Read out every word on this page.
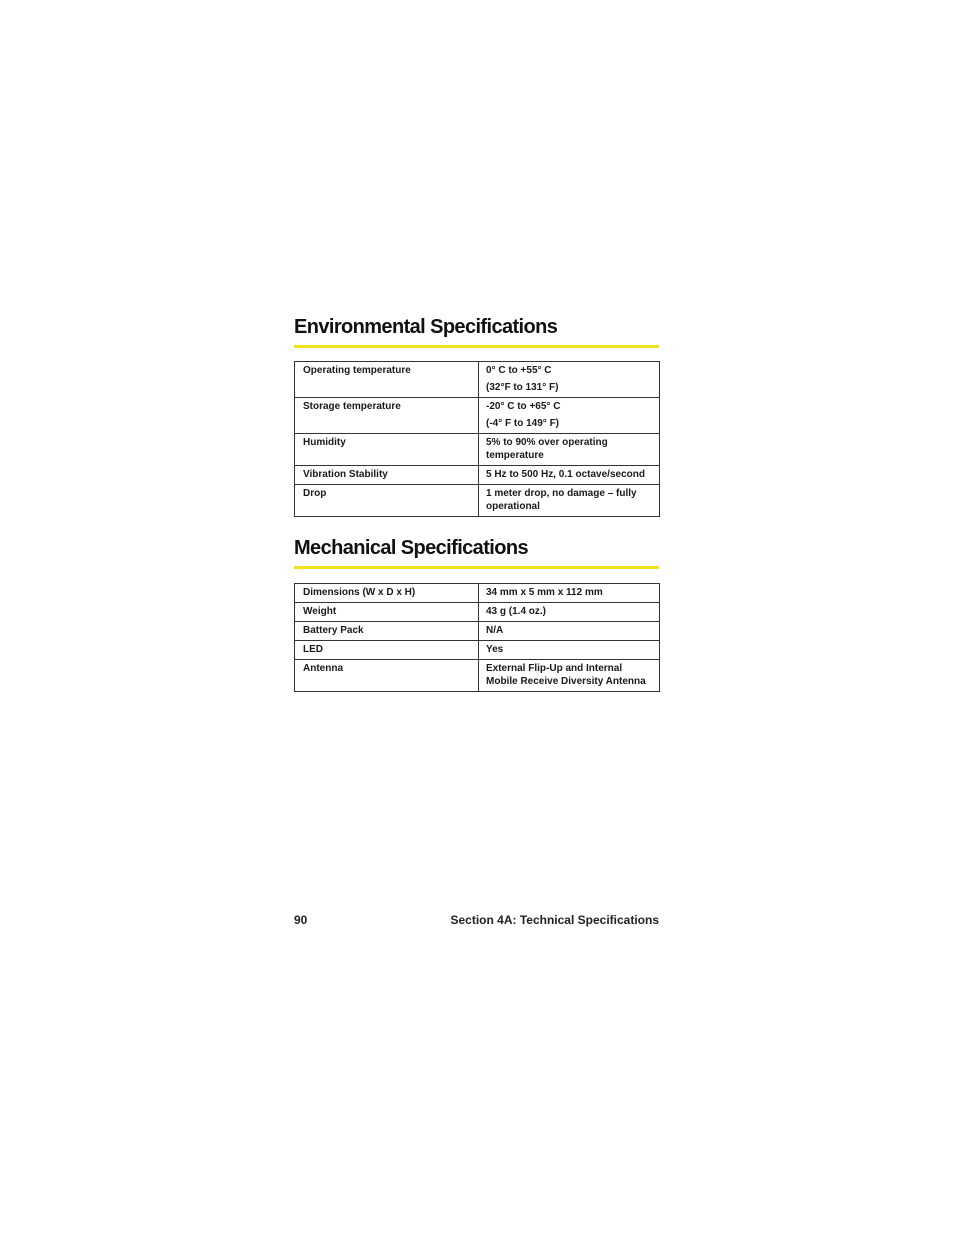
Environmental Specifications
Operating temperature	0° C to +55° C
(32°F to 131° F)

Storage temperature	-20° C to +65° C
(-4° F to 149° F)

Humidity	5% to 90% over operating temperature
Vibration Stability	5 Hz to 500 Hz, 0.1 octave/second
Drop	1 meter drop, no damage – fully operational
Mechanical Specifications
Dimensions (W x D x H)	34 mm x 5 mm x 112 mm
Weight	43 g (1.4 oz.)
Battery Pack	N/A
LED	Yes
Antenna	External Flip-Up and Internal Mobile Receive Diversity Antenna
90	Section 4A: Technical Specifications
